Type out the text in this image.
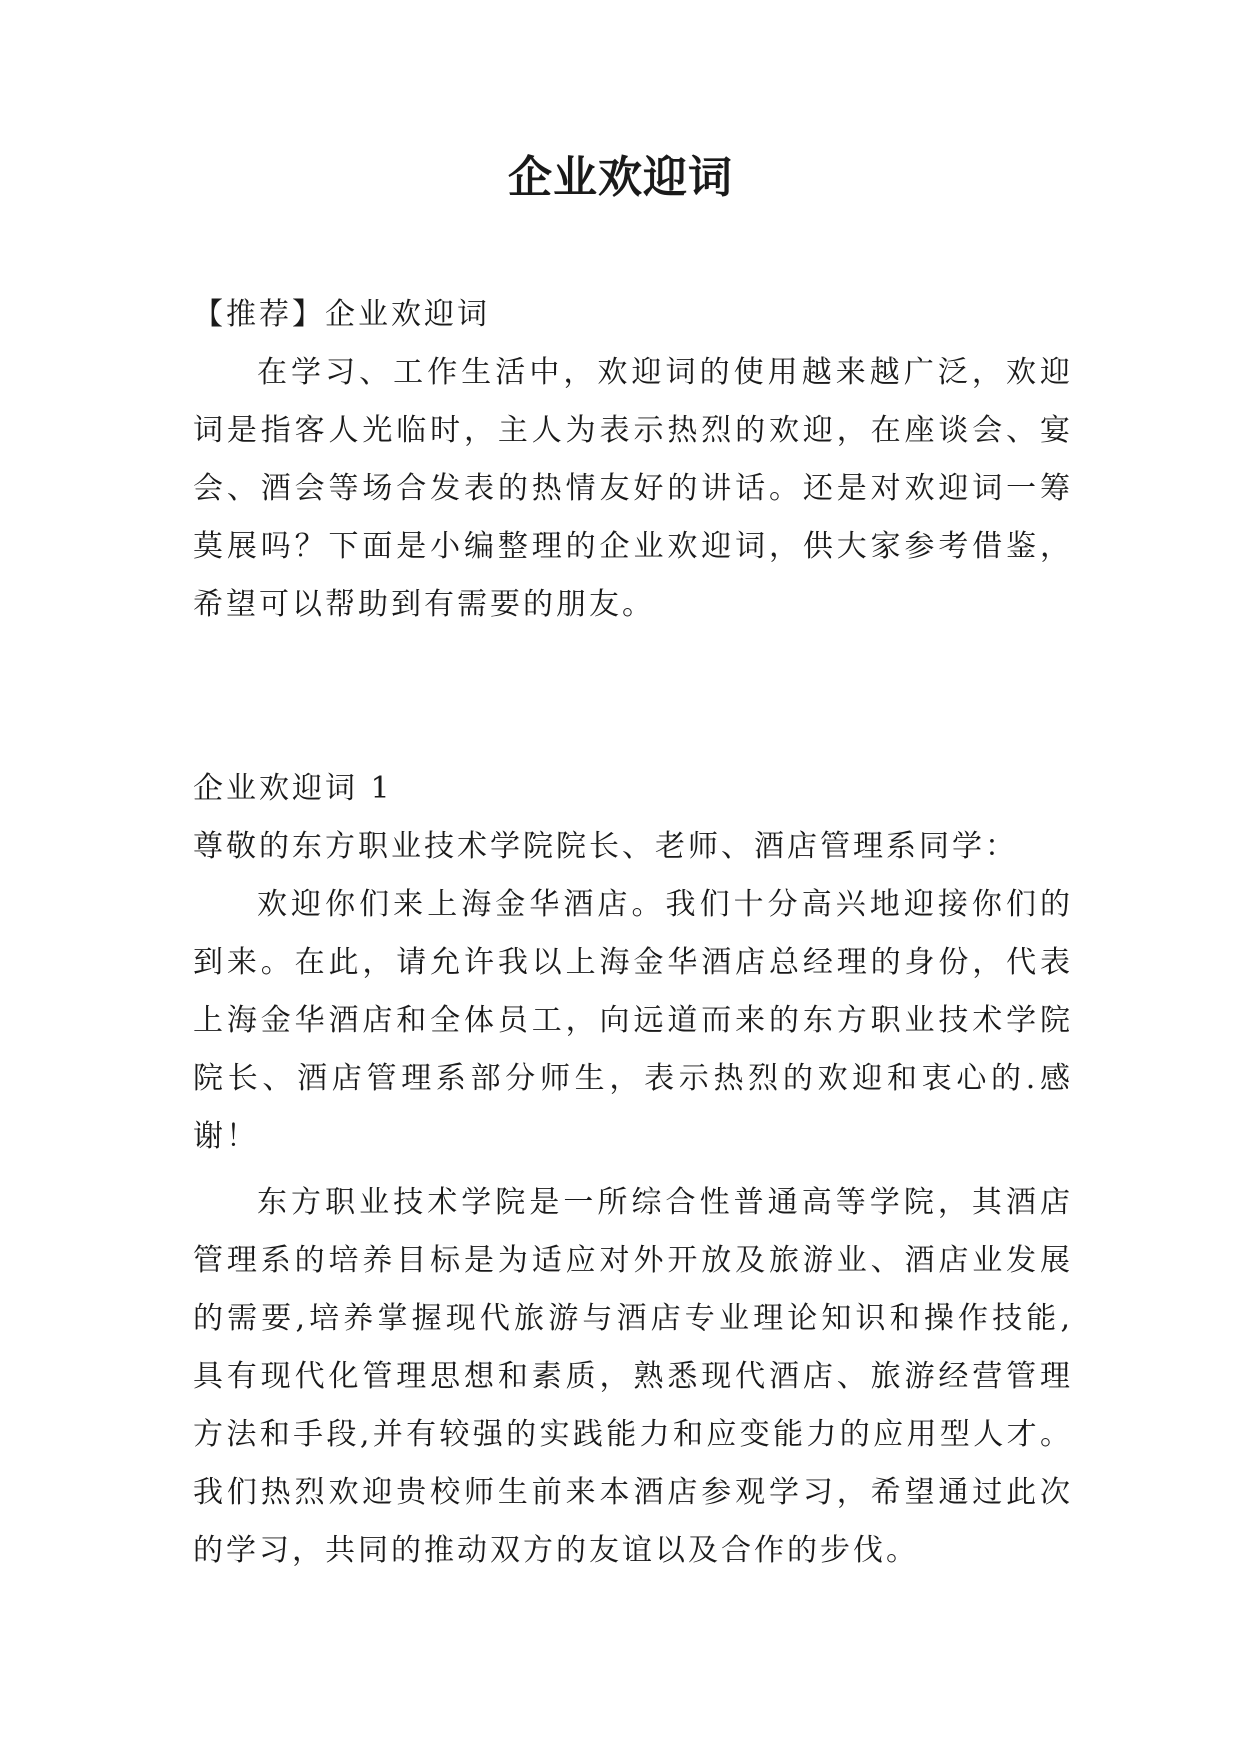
企业欢迎词
【推荐】企业欢迎词

在学习、工作生活中，欢迎词的使用越来越广泛，欢迎词是指客人光临时，主人为表示热烈的欢迎，在座谈会、宴会、酒会等场合发表的热情友好的讲话。还是对欢迎词一筹莫展吗？下面是小编整理的企业欢迎词，供大家参考借鉴，希望可以帮助到有需要的朋友。

企业欢迎词 1
尊敬的东方职业技术学院院长、老师、酒店管理系同学：

欢迎你们来上海金华酒店。我们十分高兴地迎接你们的到来。在此，请允许我以上海金华酒店总经理的身份，代表上海金华酒店和全体员工，向远道而来的东方职业技术学院院长、酒店管理系部分师生，表示热烈的欢迎和衷心的.感谢！

东方职业技术学院是一所综合性普通高等学院，其酒店管理系的培养目标是为适应对外开放及旅游业、酒店业发展的需要,培养掌握现代旅游与酒店专业理论知识和操作技能,具有现代化管理思想和素质，熟悉现代酒店、旅游经营管理方法和手段,并有较强的实践能力和应变能力的应用型人才。我们热烈欢迎贵校师生前来本酒店参观学习，希望通过此次的学习，共同的推动双方的友谊以及合作的步伐。
